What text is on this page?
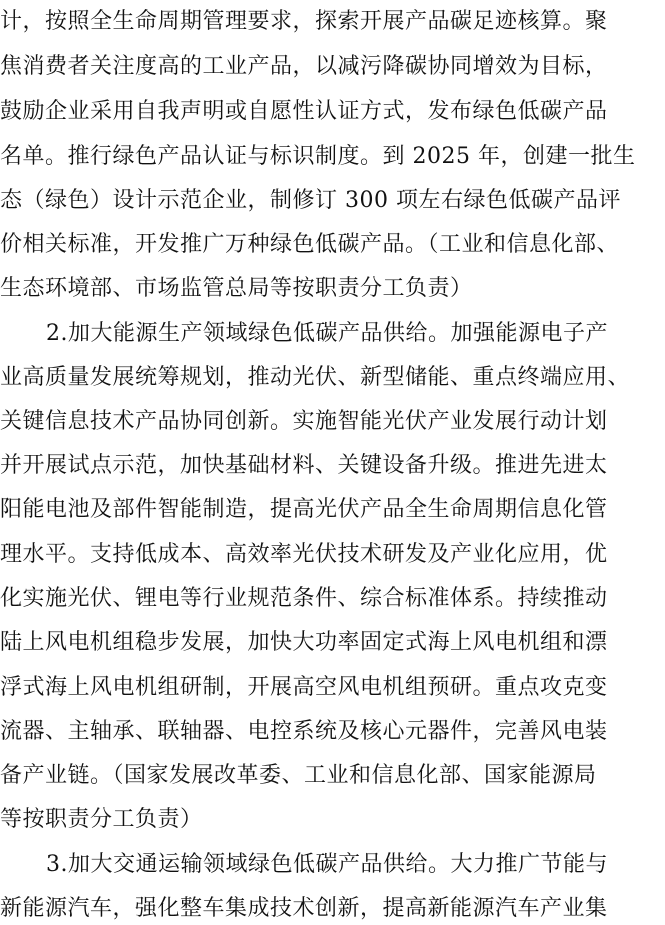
计，按照全生命周期管理要求，探索开展产品碳足迹核算。聚
焦消费者关注度高的工业产品，以减污降碳协同增效为目标，
鼓励企业采用自我声明或自愿性认证方式，发布绿色低碳产品
名单。推行绿色产品认证与标识制度。到 2025 年，创建一批生
态（绿色）设计示范企业，制修订 300 项左右绿色低碳产品评
价相关标准，开发推广万种绿色低碳产品。（工业和信息化部、
生态环境部、市场监管总局等按职责分工负责）
2.加大能源生产领域绿色低碳产品供给。加强能源电子产
业高质量发展统筹规划，推动光伏、新型储能、重点终端应用、
关键信息技术产品协同创新。实施智能光伏产业发展行动计划
并开展试点示范，加快基础材料、关键设备升级。推进先进太
阳能电池及部件智能制造，提高光伏产品全生命周期信息化管
理水平。支持低成本、高效率光伏技术研发及产业化应用，优
化实施光伏、锂电等行业规范条件、综合标准体系。持续推动
陆上风电机组稳步发展，加快大功率固定式海上风电机组和漂
浮式海上风电机组研制，开展高空风电机组预研。重点攻克变
流器、主轴承、联轴器、电控系统及核心元器件，完善风电装
备产业链。（国家发展改革委、工业和信息化部、国家能源局
等按职责分工负责）
3.加大交通运输领域绿色低碳产品供给。大力推广节能与
新能源汽车，强化整车集成技术创新，提高新能源汽车产业集
